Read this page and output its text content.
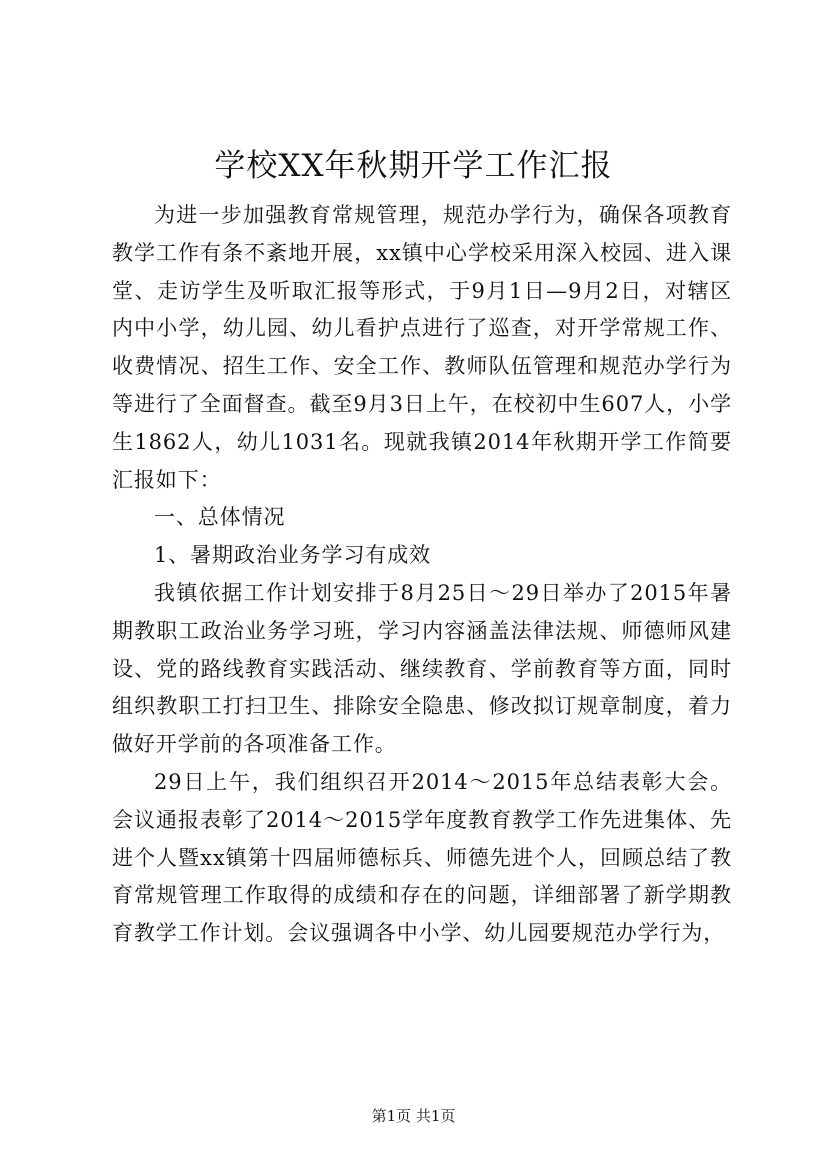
学校XX年秋期开学工作汇报

为进一步加强教育常规管理，规范办学行为，确保各项教育教学工作有条不紊地开展，xx镇中心学校采用深入校园、进入课堂、走访学生及听取汇报等形式，于9月1日—9月2日，对辖区内中小学，幼儿园、幼儿看护点进行了巡查，对开学常规工作、收费情况、招生工作、安全工作、教师队伍管理和规范办学行为等进行了全面督查。截至9月3日上午，在校初中生607人，小学生1862人，幼儿1031名。现就我镇2014年秋期开学工作简要汇报如下：

一、总体情况

1、暑期政治业务学习有成效

我镇依据工作计划安排于8月25日～29日举办了2015年暑期教职工政治业务学习班，学习内容涵盖法律法规、师德师风建设、党的路线教育实践活动、继续教育、学前教育等方面，同时组织教职工打扫卫生、排除安全隐患、修改拟订规章制度，着力做好开学前的各项准备工作。

29日上午，我们组织召开2014～2015年总结表彰大会。会议通报表彰了2014～2015学年度教育教学工作先进集体、先进个人暨xx镇第十四届师德标兵、师德先进个人，回顾总结了教育常规管理工作取得的成绩和存在的问题，详细部署了新学期教育教学工作计划。会议强调各中小学、幼儿园要规范办学行为，

第1页 共1页
